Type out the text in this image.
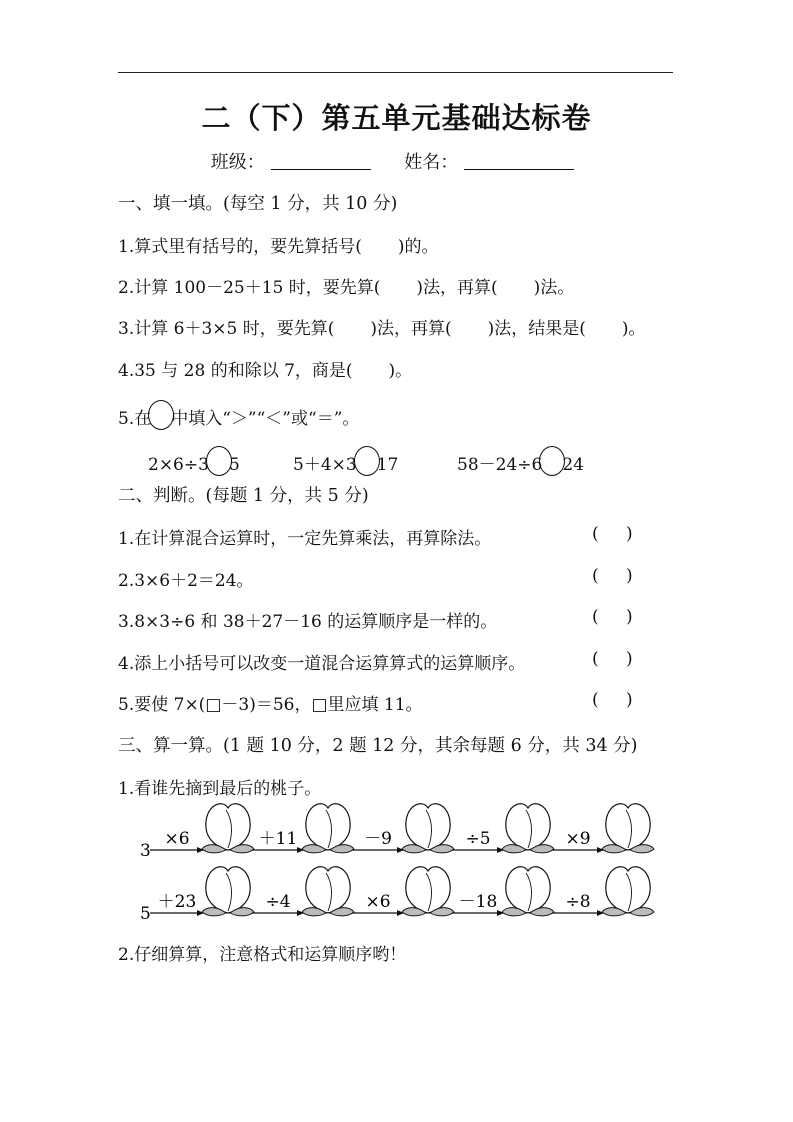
二（下）第五单元基础达标卷
班级：	姓名：
一、填一填。(每空 1 分，共 10 分)
1.算式里有括号的，要先算括号( )的。
2.计算 100－25＋15 时，要先算( )法，再算( )法。
3.计算 6＋3×5 时，要先算( )法，再算( )法，结果是( )。
4.35 与 28 的和除以 7，商是( )。
5.在 中填入“＞”“＜”或“＝”。
2×6÷3 5	5＋4×3 17	58－24÷6 24
二、判断。(每题 1 分，共 5 分)
1.在计算混合运算时，一定先算乘法，再算除法。	( )
2.3×6＋2＝24。	( )
3.8×3÷6 和 38＋27－16 的运算顺序是一样的。	( )
4.添上小括号可以改变一道混合运算算式的运算顺序。	( )
5.要使 7×(□－3)＝56，□里应填 11。	( )
三、算一算。(1 题 10 分，2 题 12 分，其余每题 6 分，共 34 分)
1.看谁先摘到最后的桃子。
3
×6	＋11	－9	÷5	×9
5
＋23	÷4	×6	－18	÷8
2.仔细算算，注意格式和运算顺序哟！
